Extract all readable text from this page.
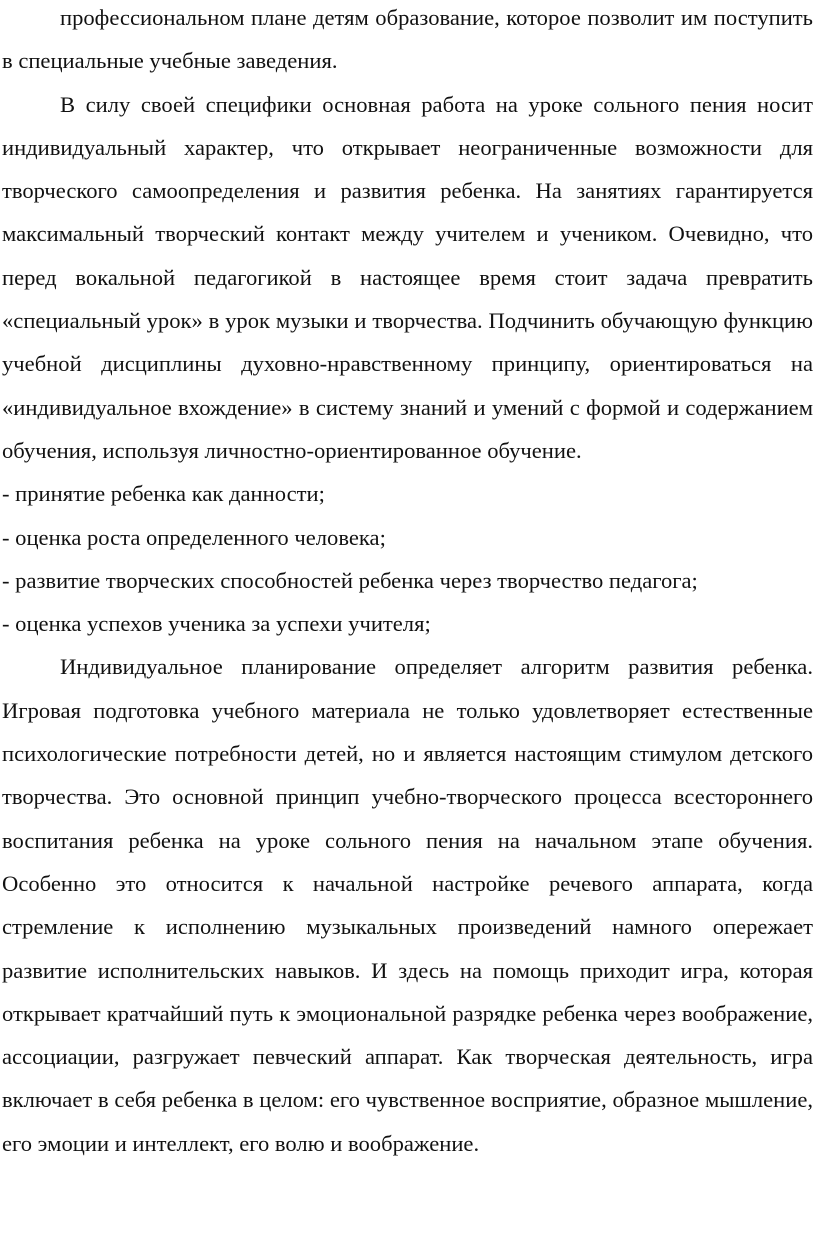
профессиональном плане детям образование, которое позволит им поступить в специальные учебные заведения.

В силу своей специфики основная работа на уроке сольного пения носит индивидуальный характер, что открывает неограниченные возможности для творческого самоопределения и развития ребенка. На занятиях гарантируется максимальный творческий контакт между учителем и учеником. Очевидно, что перед вокальной педагогикой в настоящее время стоит задача превратить «специальный урок» в урок музыки и творчества. Подчинить обучающую функцию учебной дисциплины духовно-нравственному принципу, ориентироваться на «индивидуальное вхождение» в систему знаний и умений с формой и содержанием обучения, используя личностно-ориентированное обучение.

- принятие ребенка как данности;

- оценка роста определенного человека;

- развитие творческих способностей ребенка через творчество педагога;

- оценка успехов ученика за успехи учителя;

Индивидуальное планирование определяет алгоритм развития ребенка. Игровая подготовка учебного материала не только удовлетворяет естественные психологические потребности детей, но и является настоящим стимулом детского творчества. Это основной принцип учебно-творческого процесса всестороннего воспитания ребенка на уроке сольного пения на начальном этапе обучения. Особенно это относится к начальной настройке речевого аппарата, когда стремление к исполнению музыкальных произведений намного опережает развитие исполнительских навыков. И здесь на помощь приходит игра, которая открывает кратчайший путь к эмоциональной разрядке ребенка через воображение, ассоциации, разгружает певческий аппарат. Как творческая деятельность, игра включает в себя ребенка в целом: его чувственное восприятие, образное мышление, его эмоции и интеллект, его волю и воображение.
